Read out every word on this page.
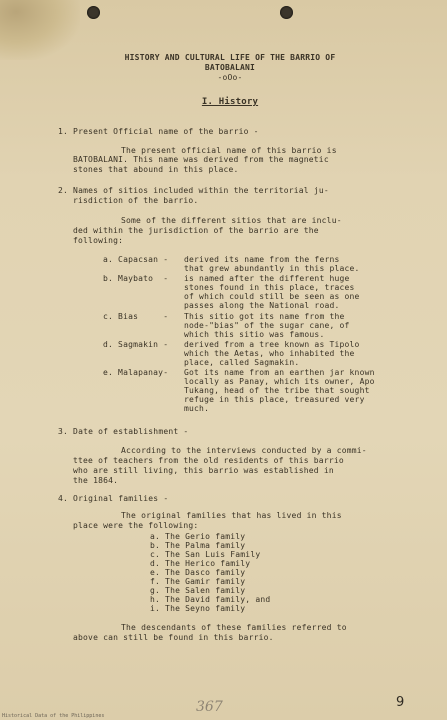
HISTORY AND CULTURAL LIFE OF THE BARRIO OF
BATOBALANI
-oOo-
I. History
1. Present Official name of the barrio -
The present official name of this barrio is
BATOBALANI. This name was derived from the magnetic
stones that abound in this place.
2. Names of sitios included within the territorial ju-
risdiction of the barrio.
Some of the different sitios that are inclu-
ded within the jurisdiction of the barrio are the
following:
a. Capacsan - derived its name from the ferns
that grew abundantly in this place.
b. Maybato  - is named after the different huge
stones found in this place, traces
of which could still be seen as one
passes along the National road.
c. Bias     - This sitio got its name from the
node-"bias" of the sugar cane, of
which this sitio was famous.
d. Sagmakin - derived from a tree known as Tipolo
which the Aetas, who inhabited the
place, called Sagmakin.
e. Malapanay- Got its name from an earthen jar known
locally as Panay, which its owner, Apo
Tukang, head of the tribe that sought
refuge in this place, treasured very
much.
3. Date of establishment -
According to the interviews conducted by a commi-
ttee of teachers from the old residents of this barrio
who are still living, this barrio was established in
the 1864.
4. Original families -
The original families that has lived in this
place were the following:
a. The Gerio family
b. The Palma family
c. The San Luis Family
d. The Herico family
e. The Dasco family
f. The Gamir family
g. The Salen family
h. The David family, and
i. The Seyno family
The descendants of these families referred to
above can still be found in this barrio.
367	9
Historical Data of the Philippines
